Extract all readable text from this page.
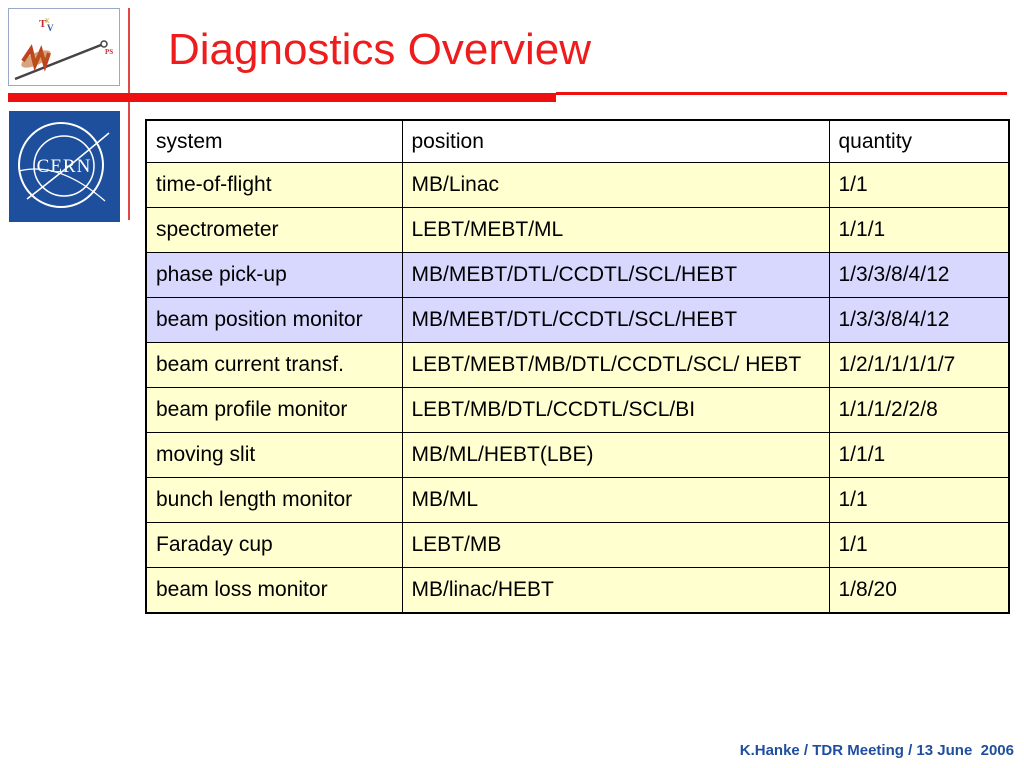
T V
x
PS
CERN
Diagnostics Overview
system	position	quantity
time-of-flight	MB/Linac	1/1
spectrometer	LEBT/MEBT/ML	1/1/1
phase pick-up	MB/MEBT/DTL/CCDTL/SCL/HEBT	1/3/3/8/4/12
beam position monitor	MB/MEBT/DTL/CCDTL/SCL/HEBT	1/3/3/8/4/12
beam current transf.	LEBT/MEBT/MB/DTL/CCDTL/SCL/ HEBT	1/2/1/1/1/1/7
beam profile monitor	LEBT/MB/DTL/CCDTL/SCL/BI	1/1/1/2/2/8
moving slit	MB/ML/HEBT(LBE)	1/1/1
bunch length monitor	MB/ML	1/1
Faraday cup	LEBT/MB	1/1
beam loss monitor	MB/linac/HEBT	1/8/20
K.Hanke / TDR Meeting / 13 June  2006
